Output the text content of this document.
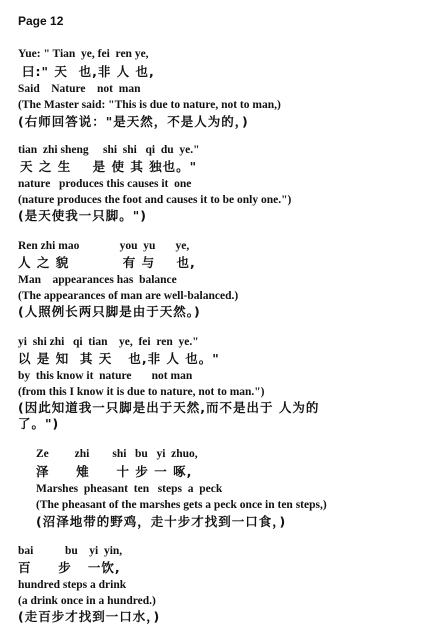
Page 12
Yue: " Tian  ye, fei  ren ye,
曰:" 天  也,非 人 也,
Said    Nature    not  man
(The Master said: "This is due to nature, not to man,)
(右师回答说："是天然，不是人为的，)
tian  zhi sheng     shi  shi   qi  du  ye."
天 之 生    是 使 其 独也。"
nature   produces this causes it  one
(nature produces the foot and causes it to be only one.")
(是天使我一只脚。")
Ren zhi mao              you  yu       ye,
人 之 貌          有 与    也,
Man    appearances has  balance
(The appearances of man are well-balanced.)
(人照例长两只脚是由于天然。)
yi  shi zhi   qi  tian    ye,  fei  ren  ye."
以 是 知  其 天   也,非 人 也。"
by  this know it  nature       not man
(from this I know it is due to nature, not to man.")
(因此知道我一只脚是出于天然,而不是出于 人为的
了。")
Ze         zhi        shi   bu   yi  zhuo,
泽     雉     十 步 一 啄,
Marshes  pheasant  ten   steps  a  peck
(The pheasant of the marshes gets a peck once in ten steps,)
(沼泽地带的野鸡，走十步才找到一口食，)
bai           bu    yi  yin,
百     步   一饮,
hundred steps a drink
(a drink once in a hundred.)
(走百步才找到一口水，)
